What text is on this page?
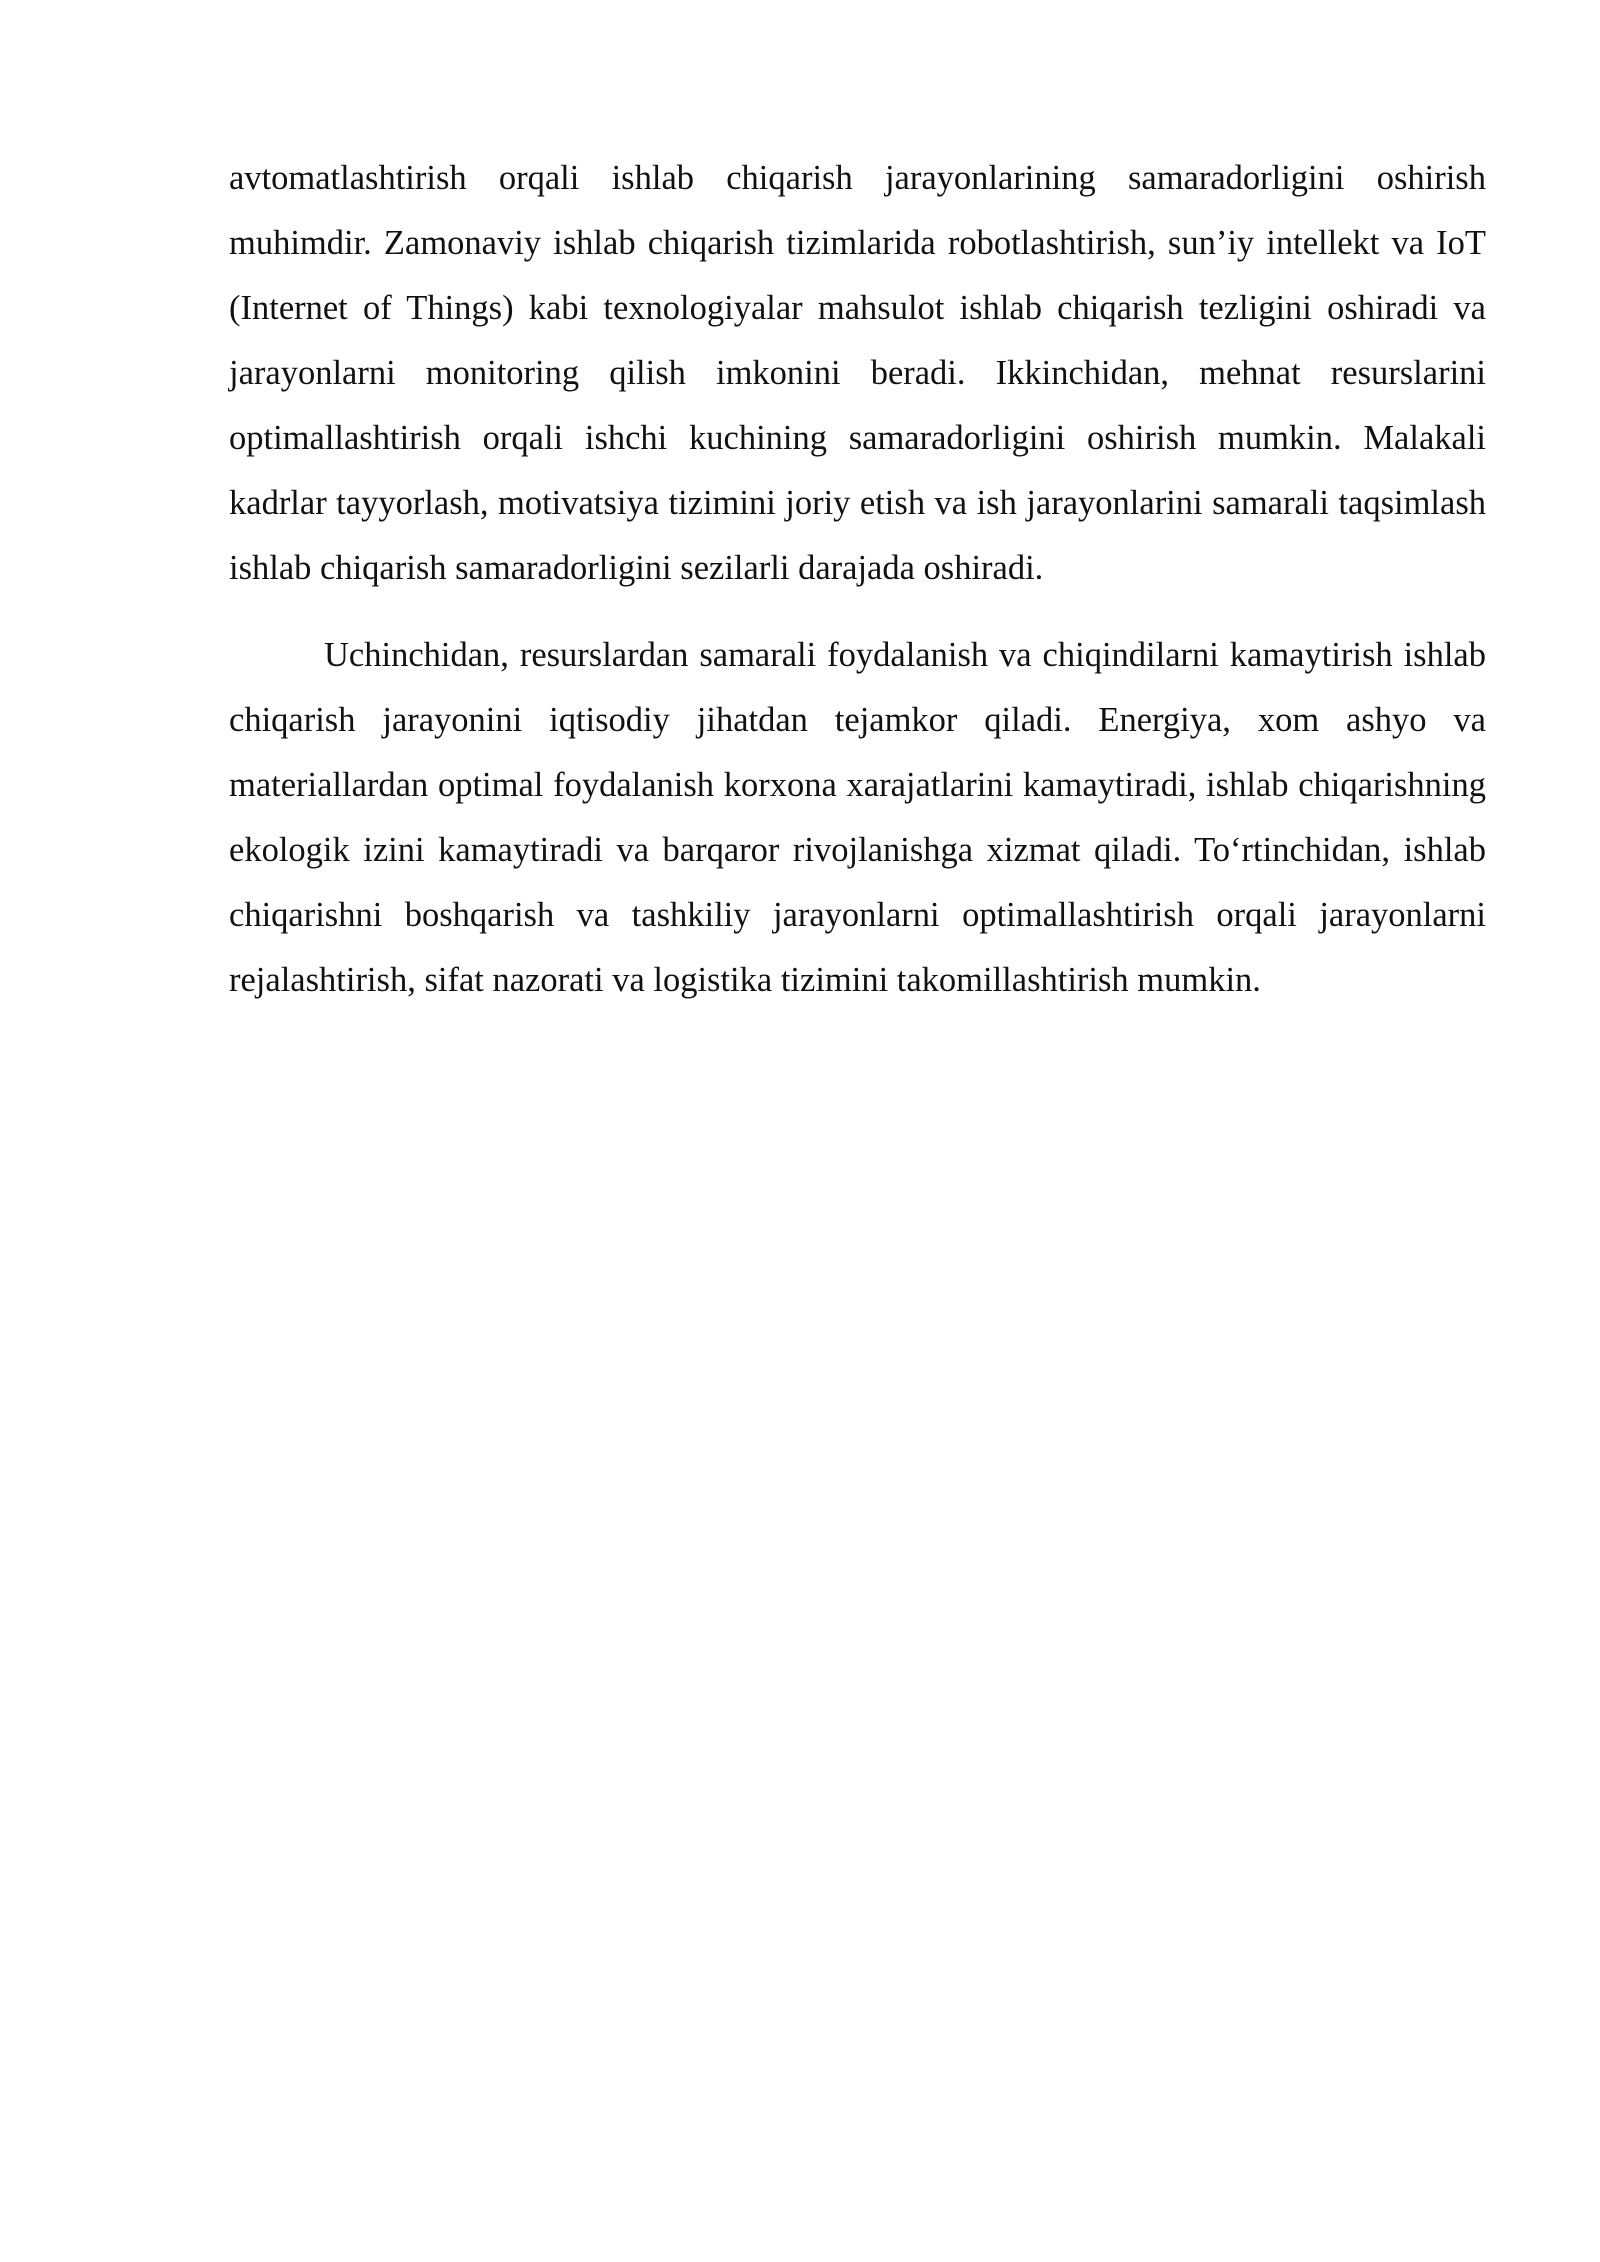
avtomatlashtirish orqali ishlab chiqarish jarayonlarining samaradorligini oshirish muhimdir. Zamonaviy ishlab chiqarish tizimlarida robotlashtirish, sun’iy intellekt va IoT (Internet of Things) kabi texnologiyalar mahsulot ishlab chiqarish tezligini oshiradi va jarayonlarni monitoring qilish imkonini beradi. Ikkinchidan, mehnat resurslarini optimallashtirish orqali ishchi kuchining samaradorligini oshirish mumkin. Malakali kadrlar tayyorlash, motivatsiya tizimini joriy etish va ish jarayonlarini samarali taqsimlash ishlab chiqarish samaradorligini sezilarli darajada oshiradi.

Uchinchidan, resurslardan samarali foydalanish va chiqindilarni kamaytirish ishlab chiqarish jarayonini iqtisodiy jihatdan tejamkor qiladi. Energiya, xom ashyo va materiallardan optimal foydalanish korxona xarajatlarini kamaytiradi, ishlab chiqarishning ekologik izini kamaytiradi va barqaror rivojlanishga xizmat qiladi. To‘rtinchidan, ishlab chiqarishni boshqarish va tashkiliy jarayonlarni optimallashtirish orqali jarayonlarni rejalashtirish, sifat nazorati va logistika tizimini takomillashtirish mumkin.
